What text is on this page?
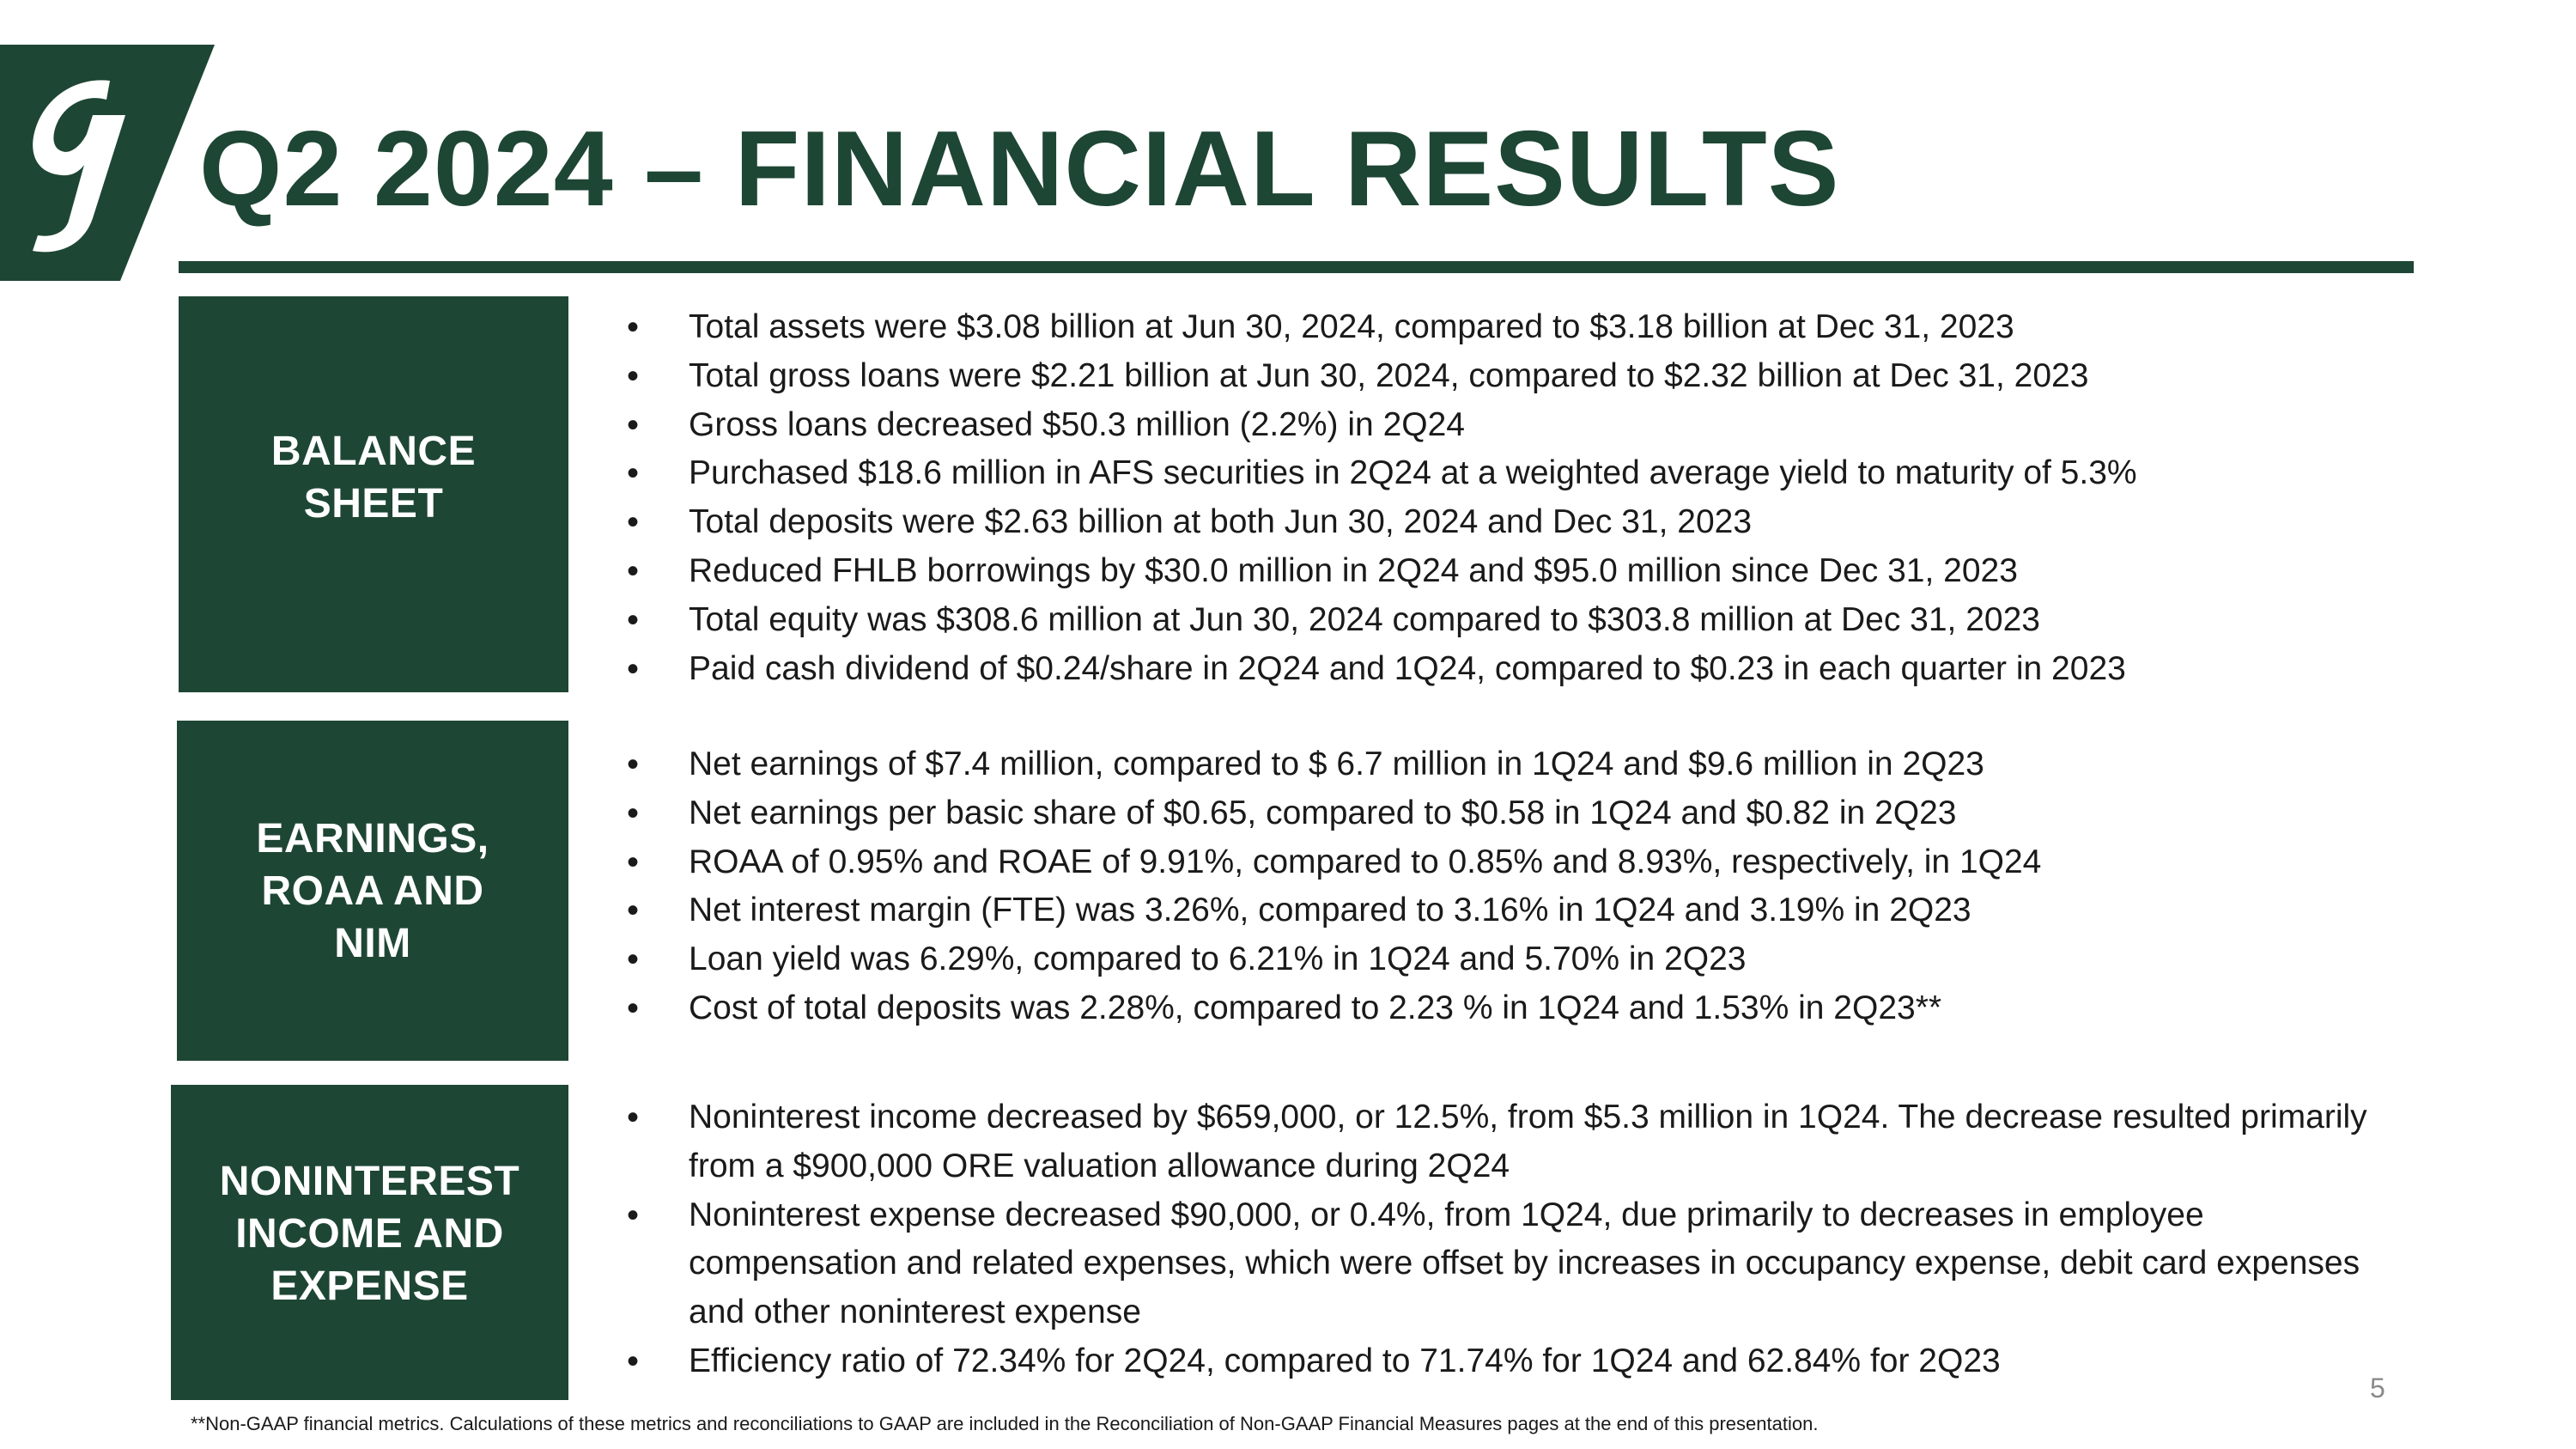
Q2 2024 – FINANCIAL RESULTS
BALANCE
SHEET
EARNINGS,
ROAA AND
NIM
NONINTEREST
INCOME AND
EXPENSE
• Total assets were $3.08 billion at Jun 30, 2024, compared to $3.18 billion at Dec 31, 2023
• Total gross loans were $2.21 billion at Jun 30, 2024, compared to $2.32 billion at Dec 31, 2023
• Gross loans decreased $50.3 million (2.2%) in 2Q24
• Purchased $18.6 million in AFS securities in 2Q24 at a weighted average yield to maturity of 5.3%
• Total deposits were $2.63 billion at both Jun 30, 2024 and Dec 31, 2023
• Reduced FHLB borrowings by $30.0 million in 2Q24 and $95.0 million since Dec 31, 2023
• Total equity was $308.6 million at Jun 30, 2024 compared to $303.8 million at Dec 31, 2023
• Paid cash dividend of $0.24/share in 2Q24 and 1Q24, compared to $0.23 in each quarter in 2023
• Net earnings of $7.4 million, compared to $ 6.7 million in 1Q24 and $9.6 million in 2Q23
• Net earnings per basic share of $0.65, compared to $0.58 in 1Q24 and $0.82 in 2Q23
• ROAA of 0.95% and ROAE of 9.91%, compared to 0.85% and 8.93%, respectively, in 1Q24
• Net interest margin (FTE) was 3.26%, compared to 3.16% in 1Q24 and 3.19% in 2Q23
• Loan yield was 6.29%, compared to 6.21% in 1Q24 and 5.70% in 2Q23
• Cost of total deposits was 2.28%, compared to 2.23 % in 1Q24 and 1.53% in 2Q23**
• Noninterest income decreased by $659,000, or 12.5%, from $5.3 million in 1Q24. The decrease resulted primarily
from a $900,000 ORE valuation allowance during 2Q24
• Noninterest expense decreased $90,000, or 0.4%, from 1Q24, due primarily to decreases in employee
compensation and related expenses, which were offset by increases in occupancy expense, debit card expenses
and other noninterest expense
• Efficiency ratio of 72.34% for 2Q24, compared to 71.74% for 1Q24 and 62.84% for 2Q23
5

**Non-GAAP financial metrics. Calculations of these metrics and reconciliations to GAAP are included in the Reconciliation of Non-GAAP Financial Measures pages at the end of this presentation.
